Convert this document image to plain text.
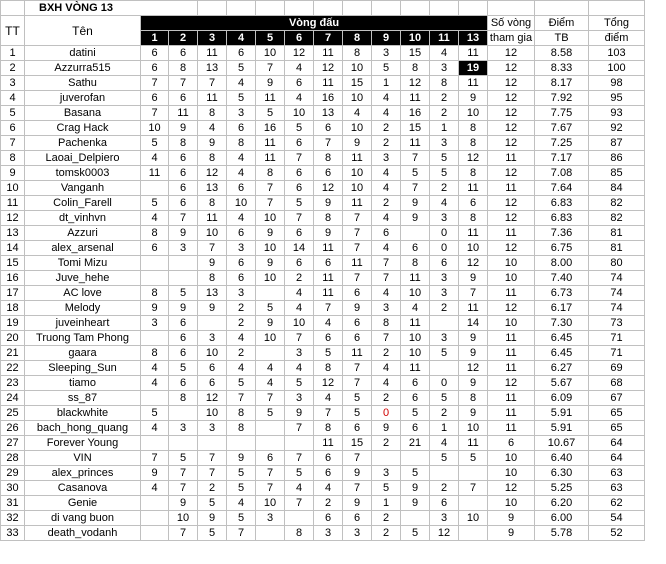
	BXH VÒNG 13															
TT	Tên	Vòng đấu												Số vòng	Điểm	Tổng
		1	2	3	4	5	6	7	8	9	10	11	13	tham gia	TB	điểm
1	datini	6	6	11	6	10	12	11	8	3	15	4	11	12	8.58	103
2	Azzurra515	6	8	13	5	7	4	12	10	5	8	3	19	12	8.33	100
3	Sathu	7	7	7	4	9	6	11	15	1	12	8	11	12	8.17	98
4	juverofan	6	6	11	5	11	4	16	10	4	11	2	9	12	7.92	95
5	Basana	7	11	8	3	5	10	13	4	4	16	2	10	12	7.75	93
6	Crag Hack	10	9	4	6	16	5	6	10	2	15	1	8	12	7.67	92
7	Pachenka	5	8	9	8	11	6	7	9	2	11	3	8	12	7.25	87
8	Laoai_Delpiero	4	6	8	4	11	7	8	11	3	7	5	12	11	7.17	86
9	tomsk0003	11	6	12	4	8	6	6	10	4	5	5	8	12	7.08	85
10	Vanganh		6	13	6	7	6	12	10	4	7	2	11	11	7.64	84
11	Colin_Farell	5	6	8	10	7	5	9	11	2	9	4	6	12	6.83	82
12	dt_vinhvn	4	7	11	4	10	7	8	7	4	9	3	8	12	6.83	82
13	Azzuri	8	9	10	6	9	6	9	7	6		0	11	11	7.36	81
14	alex_arsenal	6	3	7	3	10	14	11	7	4	6	0	10	12	6.75	81
15	Tomi Mizu			9	6	9	6	6	11	7	8	6	12	10	8.00	80
16	Juve_hehe			8	6	10	2	11	7	7	11	3	9	10	7.40	74
17	AC love	8	5	13	3		4	11	6	4	10	3	7	11	6.73	74
18	Melody	9	9	9	2	5	4	7	9	3	4	2	11	12	6.17	74
19	juveinheart	3	6		2	9	10	4	6	8	11		14	10	7.30	73
20	Truong Tam Phong		6	3	4	10	7	6	6	7	10	3	9	11	6.45	71
21	gaara	8	6	10	2		3	5	11	2	10	5	9	11	6.45	71
22	Sleeping_Sun	4	5	6	4	4	4	8	7	4	11		12	11	6.27	69
23	tiamo	4	6	6	5	4	5	12	7	4	6	0	9	12	5.67	68
24	ss_87		8	12	7	7	3	4	5	2	6	5	8	11	6.09	67
25	blackwhite	5		10	8	5	9	7	5	0	5	2	9	11	5.91	65
26	bach_hong_quang	4	3	3	8		7	8	6	9	6	1	10	11	5.91	65
27	Forever Young							11	15	2	21	4	11	6	10.67	64
28	VIN	7	5	7	9	6	7	6	7			5	5	10	6.40	64
29	alex_princes	9	7	7	5	7	5	6	9	3	5			10	6.30	63
30	Casanova	4	7	2	5	7	4	4	7	5	9	2	7	12	5.25	63
31	Genie		9	5	4	10	7	2	9	1	9	6		10	6.20	62
32	di vang buon		10	9	5	3		6	6	2		3	10	9	6.00	54
33	death_vodanh		7	5	7		8	3	3	2	5	12		9	5.78	52
